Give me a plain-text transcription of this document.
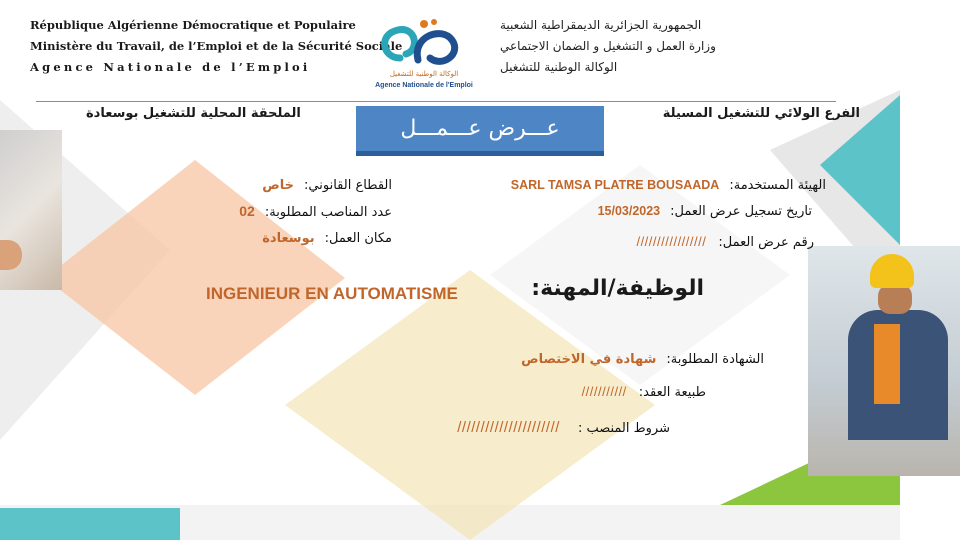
République Algérienne Démocratique et Populaire
Ministère du Travail, de l’Emploi et de la Sécurité Sociale
Agence Nationale de l’Emploi
الجمهورية الجزائرية الديمقراطية الشعبية
وزارة العمل و التشغيل و الضمان الاجتماعي
الوكالة الوطنية للتشغيل
الوكالة الوطنية للتشغيل
Agence Nationale de l'Emploi
الفرع الولائي للتشغيل المسيلة
الملحقة المحلية للتشغيل بوسعادة
عـــرض عـــمـــل
الهيئة المستخدمة:
SARL TAMSA PLATRE BOUSAADA
تاريخ تسجيل عرض العمل:
15/03/2023
رقم عرض العمل:
/////////////////
القطاع القانوني:
خاص
عدد المناصب المطلوبة:
02
مكان العمل:
بوسعادة
الوظيفة/المهنة:
INGENIEUR EN AUTOMATISME
الشهادة المطلوبة:
شهادة في الاختصاص
طبيعة العقد:
///////////
شروط المنصب :
//////////////////////
